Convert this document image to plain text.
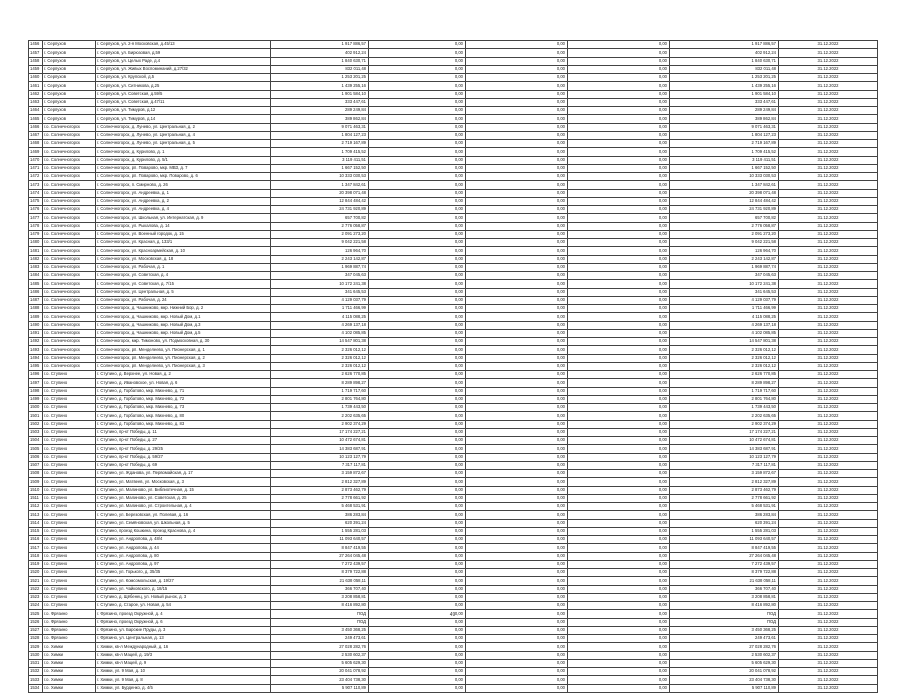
1456	г. Серпухов	г. Серпухов, ул. 2-я Московская, д.45/13	1 917 886,57	0,00	0,00	0,00	1 917 886,57	31.12.2022
1457	г. Серпухов	г. Серпухов, ул. Бирюзовая, д.59	402 912,24	0,00	0,00	0,00	402 912,24	31.12.2022
1458	г. Серпухов	г. Серпухов, ул. Целых Раде, д.4	1 840 630,71	0,00	0,00	0,00	1 840 630,71	31.12.2022
1459	г. Серпухов	г. Серпухов, ул. Живых Воспоминаний, д.27/32	832 011,48	0,00	0,00	0,00	832 011,48	31.12.2022
1460	г. Серпухов	г. Серпухов, ул. Крупской, д.5	1 253 201,25	0,00	0,00	0,00	1 253 201,25	31.12.2022
1461	г. Серпухов	г. Серпухов, ул. Ситникова, д.25	1 439 255,16	0,00	0,00	0,00	1 439 255,16	31.12.2022
1462	г. Серпухов	г. Серпухов, ул. Советская, д.59/5	1 901 584,10	0,00	0,00	0,00	1 901 584,10	31.12.2022
1463	г. Серпухов	г. Серпухов, ул. Советская, д.47/11	333 447,61	0,00	0,00	0,00	333 447,61	31.12.2022
1464	г. Серпухов	г. Серпухов, ул. Тимуров, д.12	289 249,84	0,00	0,00	0,00	289 249,84	31.12.2022
1465	г. Серпухов	г. Серпухов, ул. Тимуров, д.14	389 862,84	0,00	0,00	0,00	389 862,84	31.12.2022
1466	г.о. Солнечногорск	г. Солнечногорск, д. Лунево, ул. Центральная, д. 2	9 071 463,31	0,00	0,00	0,00	9 071 463,31	31.12.2022
1467	г.о. Солнечногорск	г. Солнечногорск, д. Лунево, ул. Центральная, д. 4	1 804 127,23	0,00	0,00	0,00	1 804 127,23	31.12.2022
1468	г.о. Солнечногорск	г. Солнечногорск, д. Лунево, ул. Центральная, д. 5	2 719 167,89	0,00	0,00	0,00	2 719 167,89	31.12.2022
1469	г.о. Солнечногорск	г. Солнечногорск, д. Курилово, д. 1	1 709 415,52	0,00	0,00	0,00	1 709 415,52	31.12.2022
1470	г.о. Солнечногорск	г. Солнечногорск, д. Курилово, д. 5/1	3 119 411,51	0,00	0,00	0,00	3 119 411,51	31.12.2022
1471	г.о. Солнечногорск	г. Солнечногорск, рп. Поварово, мкр. МВЗ, д. 7	1 667 152,50	0,00	0,00	0,00	1 667 152,50	31.12.2022
1472	г.о. Солнечногорск	г. Солнечногорск, рп. Поварово, мкр. Поварово, д. 6	10 333 030,53	0,00	0,00	0,00	10 333 030,53	31.12.2022
1473	г.о. Солнечногорск	г. Солнечногорск, п. Смирново, д. 26	1 347 842,61	0,00	0,00	0,00	1 347 842,61	31.12.2022
1474	г.о. Солнечногорск	г. Солнечногорск, ул. Андреевка, д. 1	20 398 071,48	0,00	0,00	0,00	20 398 071,48	31.12.2022
1475	г.о. Солнечногорск	г. Солнечногорск, ул. Андреевка, д. 2	12 844 484,42	0,00	0,00	0,00	12 844 484,42	31.12.2022
1476	г.о. Солнечногорск	г. Солнечногорск, ул. Андреевка, д. 4	24 731 920,89	0,00	0,00	0,00	24 731 920,89	31.12.2022
1477	г.о. Солнечногорск	г. Солнечногорск, ул. Школьная, ул. Интернатская, д. 9	657 700,82	0,00	0,00	0,00	657 700,82	31.12.2022
1478	г.о. Солнечногорск	г. Солнечногорск, ул. Рыкалова, д. 14	2 776 058,87	0,00	0,00	0,00	2 776 058,87	31.12.2022
1479	г.о. Солнечногорск	г. Солнечногорск, ул. Военный городок, д. 15	2 091 273,20	0,00	0,00	0,00	2 091 273,20	31.12.2022
1480	г.о. Солнечногорск	г. Солнечногорск, ул. Красная, д. 133/1	9 042 221,58	0,00	0,00	0,00	9 042 221,58	31.12.2022
1481	г.о. Солнечногорск	г. Солнечногорск, ул. Красноармейская, д. 10	126 964,70	0,00	0,00	0,00	126 964,70	31.12.2022
1482	г.о. Солнечногорск	г. Солнечногорск, ул. Московская, д. 18	2 243 142,87	0,00	0,00	0,00	2 243 142,87	31.12.2022
1483	г.о. Солнечногорск	г. Солнечногорск, ул. Рабочая, д. 1	1 969 887,74	0,00	0,00	0,00	1 969 887,74	31.12.2022
1484	г.о. Солнечногорск	г. Солнечногорск, ул. Советская, д. 4	347 045,63	0,00	0,00	0,00	347 045,63	31.12.2022
1485	г.о. Солнечногорск	г. Солнечногорск, ул. Советская, д. 7/15	10 172 241,38	0,00	0,00	0,00	10 172 241,38	31.12.2022
1486	г.о. Солнечногорск	г. Солнечногорск, ул. Центральная, д. 5	341 645,53	0,00	0,00	0,00	341 645,53	31.12.2022
1487	г.о. Солнечногорск	г. Солнечногорск, ул. Рабочая, д. 24	4 129 037,79	0,00	0,00	0,00	4 129 037,79	31.12.2022
1488	г.о. Солнечногорск	г. Солнечногорск, д. Чашниково, мкр. Нижний Бор, д. 2	1 711 466,99	0,00	0,00	0,00	1 711 466,99	31.12.2022
1489	г.о. Солнечногорск	г. Солнечногорск, д. Чашниково, мкр. Новый Дом, д.1	4 115 088,25	0,00	0,00	0,00	4 115 088,25	31.12.2022
1490	г.о. Солнечногорск	г. Солнечногорск, д. Чашниково, мкр. Новый Дом, д.3	4 269 137,18	0,00	0,00	0,00	4 269 137,18	31.12.2022
1491	г.о. Солнечногорск	г. Солнечногорск, д. Чашниково, мкр. Новый Дом, д.5	4 102 085,85	0,00	0,00	0,00	4 102 085,85	31.12.2022
1492	г.о. Солнечногорск	г. Солнечногорск, мкр. Тимоново, ул. Подмосковная, д. 30	14 547 801,38	0,00	0,00	0,00	14 547 801,38	31.12.2022
1493	г.о. Солнечногорск	г. Солнечногорск, рп. Менделеево, ул. Пионерская, д. 1	2 326 012,12	0,00	0,00	0,00	2 326 012,12	31.12.2022
1494	г.о. Солнечногорск	г. Солнечногорск, рп. Менделеево, ул. Пионерская, д. 2	2 326 012,12	0,00	0,00	0,00	2 326 012,12	31.12.2022
1495	г.о. Солнечногорск	г. Солнечногорск, рп. Менделеево, ул. Пионерская, д. 3	2 326 012,12	0,00	0,00	0,00	2 326 012,12	31.12.2022
1496	г.о. Ступино	г. Ступино, д. Верхнее, ул. Новая, д. 2	2 626 770,85	0,00	0,00	0,00	2 626 770,85	31.12.2022
1497	г.о. Ступино	г. Ступино, д. Ивановское, ул. Новая, д. 6	8 289 898,27	0,00	0,00	0,00	8 289 898,27	31.12.2022
1498	г.о. Ступино	г. Ступино, д. Горбатово, мкр. Михнево, д. 71	1 719 717,60	0,00	0,00	0,00	1 719 717,60	31.12.2022
1499	г.о. Ступино	г. Ступино, д. Горбатово, мкр. Михнево, д. 72	2 801 764,80	0,00	0,00	0,00	2 801 764,80	31.12.2022
1500	г.о. Ступино	г. Ступино, д. Горбатово, мкр. Михнево, д. 73	1 739 443,50	0,00	0,00	0,00	1 739 443,50	31.12.2022
1501	г.о. Ступино	г. Ступино, д. Горбатово, мкр. Михнево, д. 80	2 202 635,65	0,00	0,00	0,00	2 202 635,65	31.12.2022
1502	г.о. Ступино	г. Ступино, д. Горбатово, мкр. Михнево, д. 83	2 902 374,29	0,00	0,00	0,00	2 902 374,29	31.12.2022
1503	г.о. Ступино	г. Ступино, пр-кт Победы, д. 11	17 174 227,21	0,00	0,00	0,00	17 174 227,21	31.12.2022
1504	г.о. Ступино	г. Ступино, пр-кт Победы, д. 27	10 472 674,81	0,00	0,00	0,00	10 472 674,81	31.12.2022
1505	г.о. Ступино	г. Ступино, пр-кт Победы, д. 29/25	14 383 687,91	0,00	0,00	0,00	14 383 687,91	31.12.2022
1506	г.о. Ступино	г. Ступино, пр-кт Победы, д. 59/27	10 123 127,79	0,00	0,00	0,00	10 123 127,79	31.12.2022
1507	г.о. Ступино	г. Ступино, пр-кт Победы, д. 69	7 317 117,81	0,00	0,00	0,00	7 317 117,81	31.12.2022
1508	г.о. Ступино	г. Ступино, ул. Жданова, ул. Первомайская, д. 17	3 159 872,67	0,00	0,00	0,00	3 159 872,67	31.12.2022
1509	г.о. Ступино	г. Ступино, ул. Матвеев, ул. Московская, д. 3	2 812 327,89	0,00	0,00	0,00	2 812 327,89	31.12.2022
1510	г.о. Ступино	г. Ступино, ул. Малиново, ул. Библиотечная, д. 15	2 873 462,79	0,00	0,00	0,00	2 873 462,79	31.12.2022
1511	г.о. Ступино	г. Ступино, ул. Малиново, ул. Советская, д. 25	2 778 661,92	0,00	0,00	0,00	2 778 661,92	31.12.2022
1512	г.о. Ступино	г. Ступино, ул. Малиново, ул. Строительная, д. 4	5 468 531,91	0,00	0,00	0,00	5 468 531,91	31.12.2022
1513	г.о. Ступино	г. Ступино, ул. Березовская, ул. Полевая, д. 16	386 283,84	0,00	0,00	0,00	386 283,84	31.12.2022
1514	г.о. Ступино	г. Ступино, ул. Семёновская, ул. Школьная, д. 5	620 391,24	0,00	0,00	0,00	620 391,24	31.12.2022
1515	г.о. Ступино	г. Ступино, проезд Кошкина, проезд Краснова, д. 4	1 555 281,03	0,00	0,00	0,00	1 555 281,03	31.12.2022
1516	г.о. Ступино	г. Ступино, ул. Андропова, д. 48/4	11 093 640,57	0,00	0,00	0,00	11 093 640,57	31.12.2022
1517	г.о. Ступино	г. Ступино, ул. Андропова, д. 44	8 847 419,55	0,00	0,00	0,00	8 847 419,55	31.12.2022
1518	г.о. Ступино	г. Ступино, ул. Андропова, д. 80	27 264 045,48	0,00	0,00	0,00	27 264 045,48	31.12.2022
1519	г.о. Ступино	г. Ступино, ул. Андропова, д. 97	7 272 439,57	0,00	0,00	0,00	7 272 439,57	31.12.2022
1520	г.о. Ступино	г. Ступино, ул. Горького, д. 35/35	8 379 722,88	0,00	0,00	0,00	8 379 722,88	31.12.2022
1521	г.о. Ступино	г. Ступино, ул. Комсомольская, д. 19/27	21 638 058,11	0,00	0,00	0,00	21 638 058,11	31.12.2022
1522	г.о. Ступино	г. Ступино, ул. Чайковского, д. 18/15	366 707,40	0,00	0,00	0,00	366 707,40	31.12.2022
1523	г.о. Ступино	г. Ступино, д. Щёбенец, ул. Новый рынок, д. 3	3 208 858,81	0,00	0,00	0,00	3 208 858,81	31.12.2022
1524	г.о. Ступино	г. Ступино, д. Старое, ул. Новая, д. 54	8 416 892,80	0,00	0,00	0,00	8 416 892,80	31.12.2022
1525	г.о. Фрязино	г. Фрязино, проезд Окружной, д. 4	ПОД	0,00	0,00	0,00	ПОД	31.12.2022
1526	г.о. Фрязино	г. Фрязино, проезд Окружной, д. 6	ПОД	0,00	0,00	0,00	ПОД	31.12.2022
1527	г.о. Фрязино	г. Фрязино, ул. Барские Пруды, д. 3	3 450 368,25	0,00	0,00	0,00	3 450 368,25	31.12.2022
1528	г.о. Фрязино	г. Фрязино, ул. Центральная, д. 13	249 473,61	0,00	0,00	0,00	249 473,61	31.12.2022
1529	г.о. Химки	г. Химки, кв-л Международный, д. 16	27 028 282,76	0,00	0,00	0,00	27 028 282,76	31.12.2022
1530	г.о. Химки	г. Химки, кв-л Мацей, д. 19/3	2 530 602,37	0,00	0,00	0,00	2 530 602,37	31.12.2022
1531	г.о. Химки	г. Химки, кв-л Мацей, д. 9	5 605 629,30	0,00	0,00	0,00	5 605 629,30	31.12.2022
1532	г.о. Химки	г. Химки, ул. 9 Мая, д. 10	20 041 078,92	0,00	0,00	0,00	20 041 078,92	31.12.2022
1533	г.о. Химки	г. Химки, ул. 9 Мая, д. 8	23 404 738,30	0,00	0,00	0,00	23 404 738,30	31.12.2022
1534	г.о. Химки	г. Химки, ул. Бурденко, д. 4/5	5 907 110,89	0,00	0,00	0,00	5 907 110,89	31.12.2022
49
